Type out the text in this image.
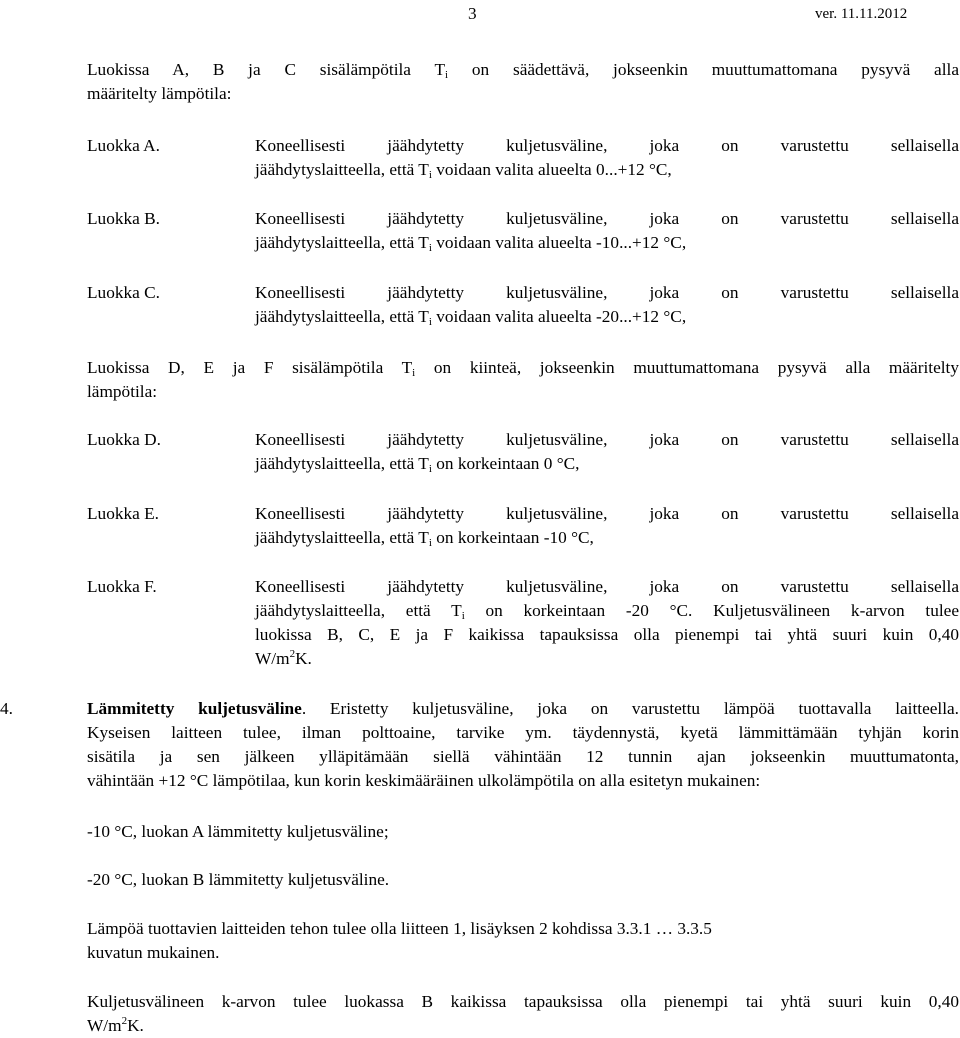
3	ver. 11.11.2012
Luokissa A, B ja C sisälämpötila $T_i$ on säädettävä, jokseenkin muuttumattomana pysyvä alla
määritelty lämpötila:
Luokka A.	Koneellisesti jäähdytetty kuljetusväline, joka on varustettu sellaisella
jäähdytyslaitteella, että $T_i$ voidaan valita alueelta 0...+12 °C,
Luokka B.	Koneellisesti jäähdytetty kuljetusväline, joka on varustettu sellaisella
jäähdytyslaitteella, että $T_i$ voidaan valita alueelta -10...+12 °C,
Luokka C.	Koneellisesti jäähdytetty kuljetusväline, joka on varustettu sellaisella
jäähdytyslaitteella, että $T_i$ voidaan valita alueelta -20...+12 °C,
Luokissa D, E ja F sisälämpötila $T_i$ on kiinteä, jokseenkin muuttumattomana pysyvä alla määritelty
lämpötila:
Luokka D.	Koneellisesti jäähdytetty kuljetusväline, joka on varustettu sellaisella
jäähdytyslaitteella, että $T_i$ on korkeintaan 0 °C,
Luokka E.	Koneellisesti jäähdytetty kuljetusväline, joka on varustettu sellaisella
jäähdytyslaitteella, että $T_i$ on korkeintaan -10 °C,
Luokka F.	Koneellisesti jäähdytetty kuljetusväline, joka on varustettu sellaisella
jäähdytyslaitteella, että $T_i$ on korkeintaan -20 °C. Kuljetusvälineen k-arvon tulee
luokissa B, C, E ja F kaikissa tapauksissa olla pienempi tai yhtä suuri kuin 0,40
$W/m^2K$.
4.	Lämmitetty kuljetusväline. Eristetty kuljetusväline, joka on varustettu lämpöä tuottavalla laitteella.
Kyseisen laitteen tulee, ilman polttoaine, tarvike ym. täydennystä, kyetä lämmittämään tyhjän korin
sisätila ja sen jälkeen ylläpitämään siellä vähintään 12 tunnin ajan jokseenkin muuttumatonta,
vähintään +12 °C lämpötilaa, kun korin keskimääräinen ulkolämpötila on alla esitetyn mukainen:
-10 °C, luokan A lämmitetty kuljetusväline;
-20 °C, luokan B lämmitetty kuljetusväline.
Lämpöä tuottavien laitteiden tehon tulee olla liitteen 1, lisäyksen 2 kohdissa 3.3.1 … 3.3.5
kuvatun mukainen.
Kuljetusvälineen k-arvon tulee luokassa B kaikissa tapauksissa olla pienempi tai yhtä suuri kuin 0,40
$W/m^2K$.
